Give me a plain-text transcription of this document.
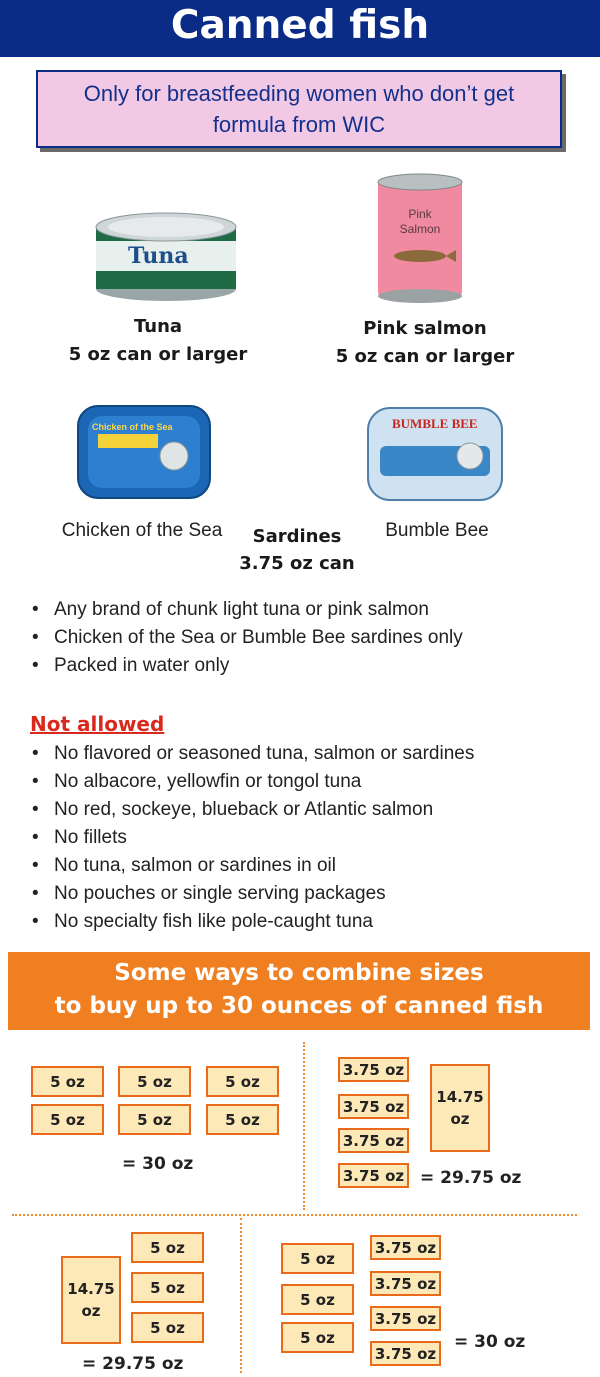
Canned fish
Only for breastfeeding women who don’t get formula from WIC
Tuna
Tuna
5 oz can or larger
Pink
Salmon
Pink salmon
5 oz can or larger
Chicken of the Sea	BUMBLE BEE
Chicken of the Sea	Bumble Bee
Sardines
3.75 oz can
• Any brand of chunk light tuna or pink salmon
• Chicken of the Sea or Bumble Bee sardines only
• Packed in water only
Not allowed
• No flavored or seasoned tuna, salmon or sardines
• No albacore, yellowfin or tongol tuna
• No red, sockeye, blueback or Atlantic salmon
• No fillets
• No tuna, salmon or sardines in oil
• No pouches or single serving packages
• No specialty fish like pole-caught tuna
Some ways to combine sizes
to buy up to 30 ounces of canned fish
5 oz	5 oz	5 oz
5 oz	5 oz	5 oz
= 30 oz
3.75 oz
3.75 oz
3.75 oz
3.75 oz
14.75
oz
= 29.75 oz
14.75
oz
5 oz
5 oz
5 oz
= 29.75 oz
5 oz
5 oz
5 oz
3.75 oz
3.75 oz
3.75 oz
3.75 oz
= 30 oz
